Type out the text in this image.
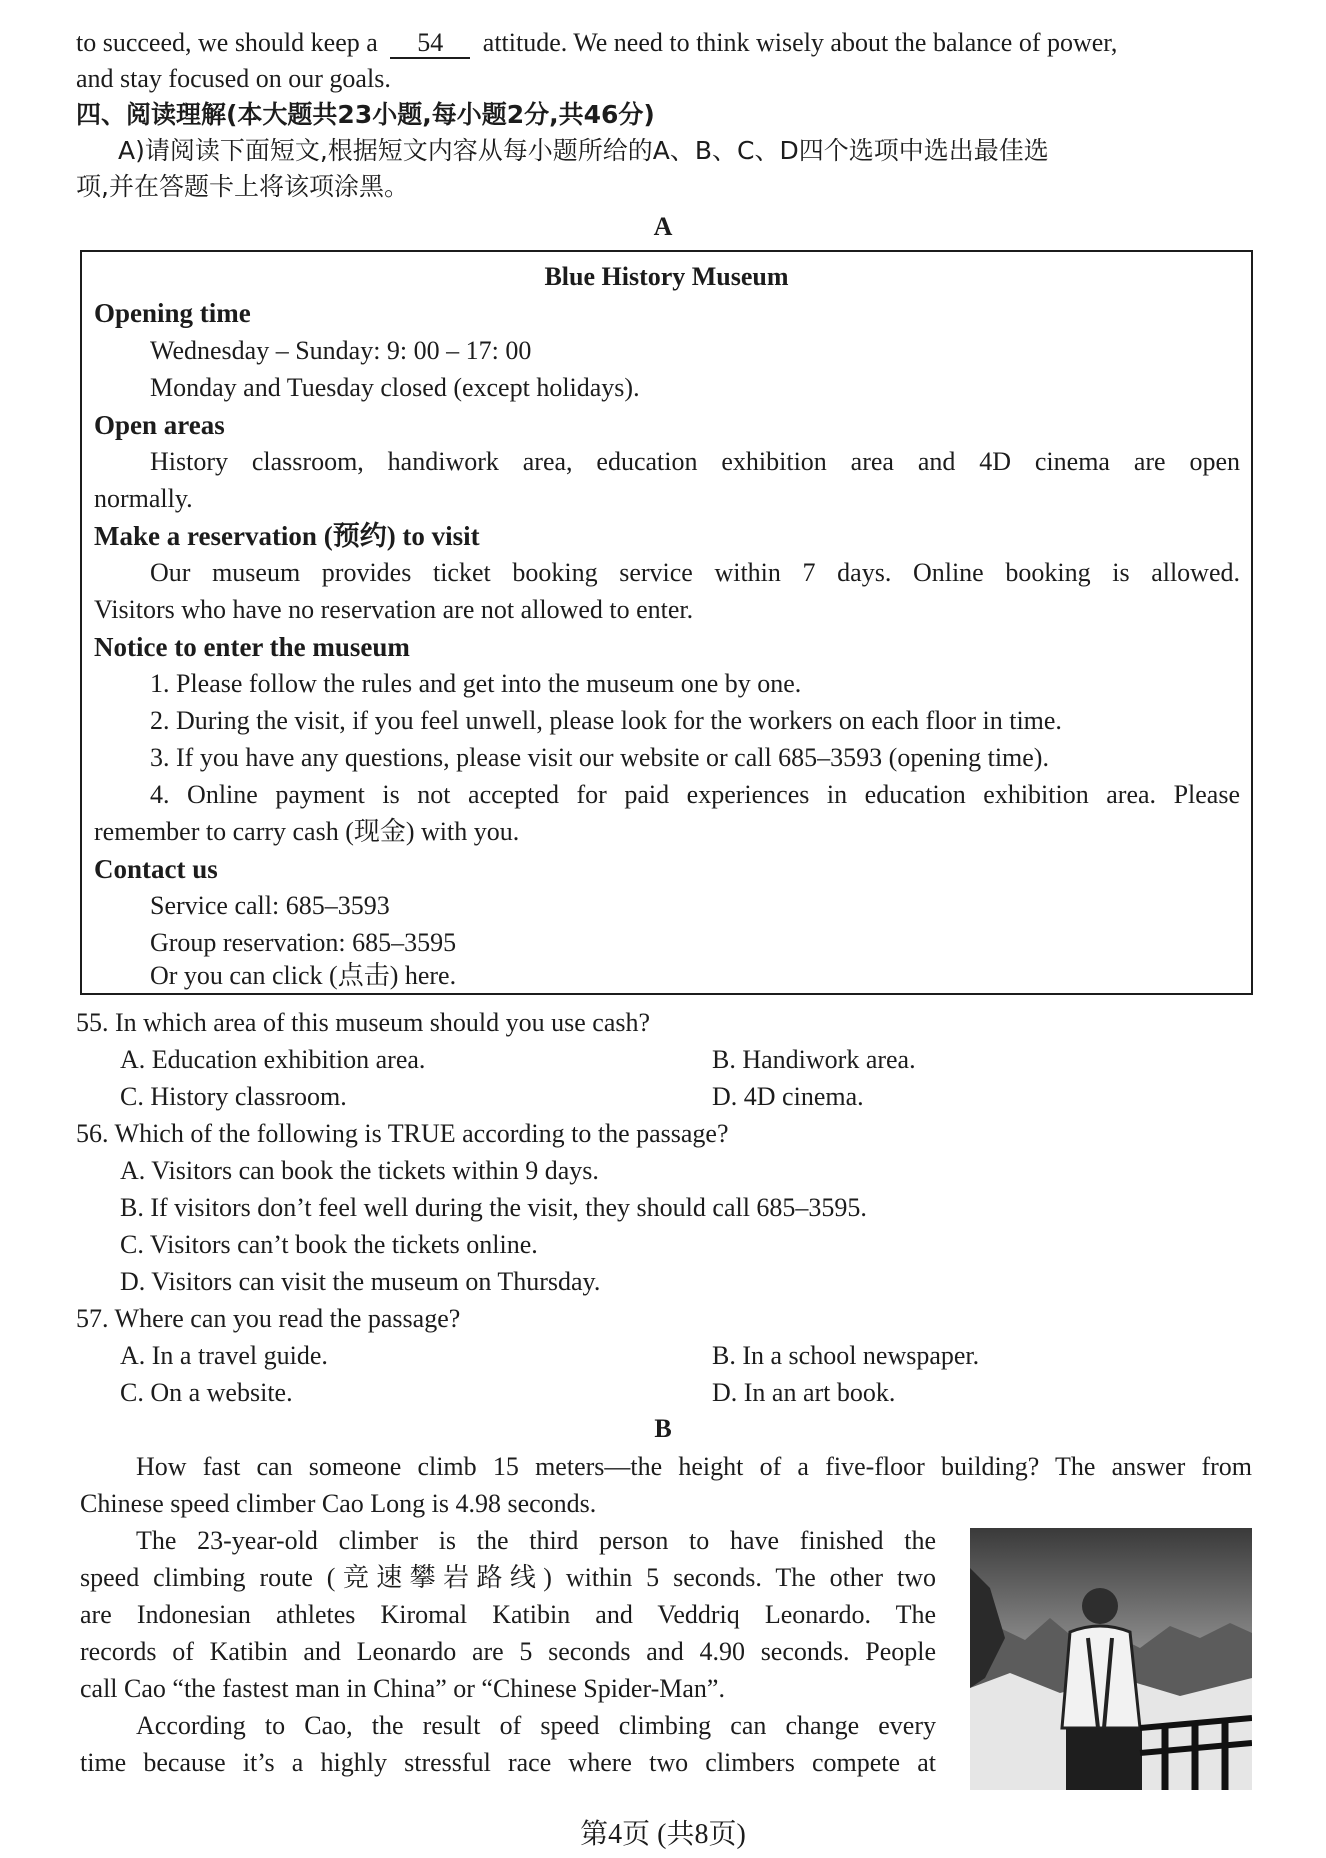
to succeed, we should keep a 54 attitude. We need to think wisely about the balance of power,
and stay focused on our goals.
四、阅读理解(本大题共23小题,每小题2分,共46分)
A)请阅读下面短文,根据短文内容从每小题所给的A、B、C、D四个选项中选出最佳选
项,并在答题卡上将该项涂黑。
A
Blue History Museum
Opening time
Wednesday – Sunday: 9: 00 – 17: 00
Monday and Tuesday closed (except holidays).
Open areas
History classroom, handiwork area, education exhibition area and 4D cinema are open
normally.
Make a reservation (预约) to visit
Our museum provides ticket booking service within 7 days. Online booking is allowed.
Visitors who have no reservation are not allowed to enter.
Notice to enter the museum
1. Please follow the rules and get into the museum one by one.
2. During the visit, if you feel unwell, please look for the workers on each floor in time.
3. If you have any questions, please visit our website or call 685–3593 (opening time).
4. Online payment is not accepted for paid experiences in education exhibition area. Please
remember to carry cash (现金) with you.
Contact us
Service call: 685–3593
Group reservation: 685–3595
Or you can click (点击) here.
55. In which area of this museum should you use cash?
A. Education exhibition area.	B. Handiwork area.
C. History classroom.	D. 4D cinema.
56. Which of the following is TRUE according to the passage?
A. Visitors can book the tickets within 9 days.
B. If visitors don’t feel well during the visit, they should call 685–3595.
C. Visitors can’t book the tickets online.
D. Visitors can visit the museum on Thursday.
57. Where can you read the passage?
A. In a travel guide.	B. In a school newspaper.
C. On a website.	D. In an art book.
B
How fast can someone climb 15 meters—the height of a five-floor building? The answer from
Chinese speed climber Cao Long is 4.98 seconds.
The 23-year-old climber is the third person to have finished the
speed climbing route (竞速攀岩路线) within 5 seconds. The other two
are Indonesian athletes Kiromal Katibin and Veddriq Leonardo. The
records of Katibin and Leonardo are 5 seconds and 4.90 seconds. People
call Cao “the fastest man in China” or “Chinese Spider-Man”.
According to Cao, the result of speed climbing can change every
time because it’s a highly stressful race where two climbers compete at
第4页 (共8页)
